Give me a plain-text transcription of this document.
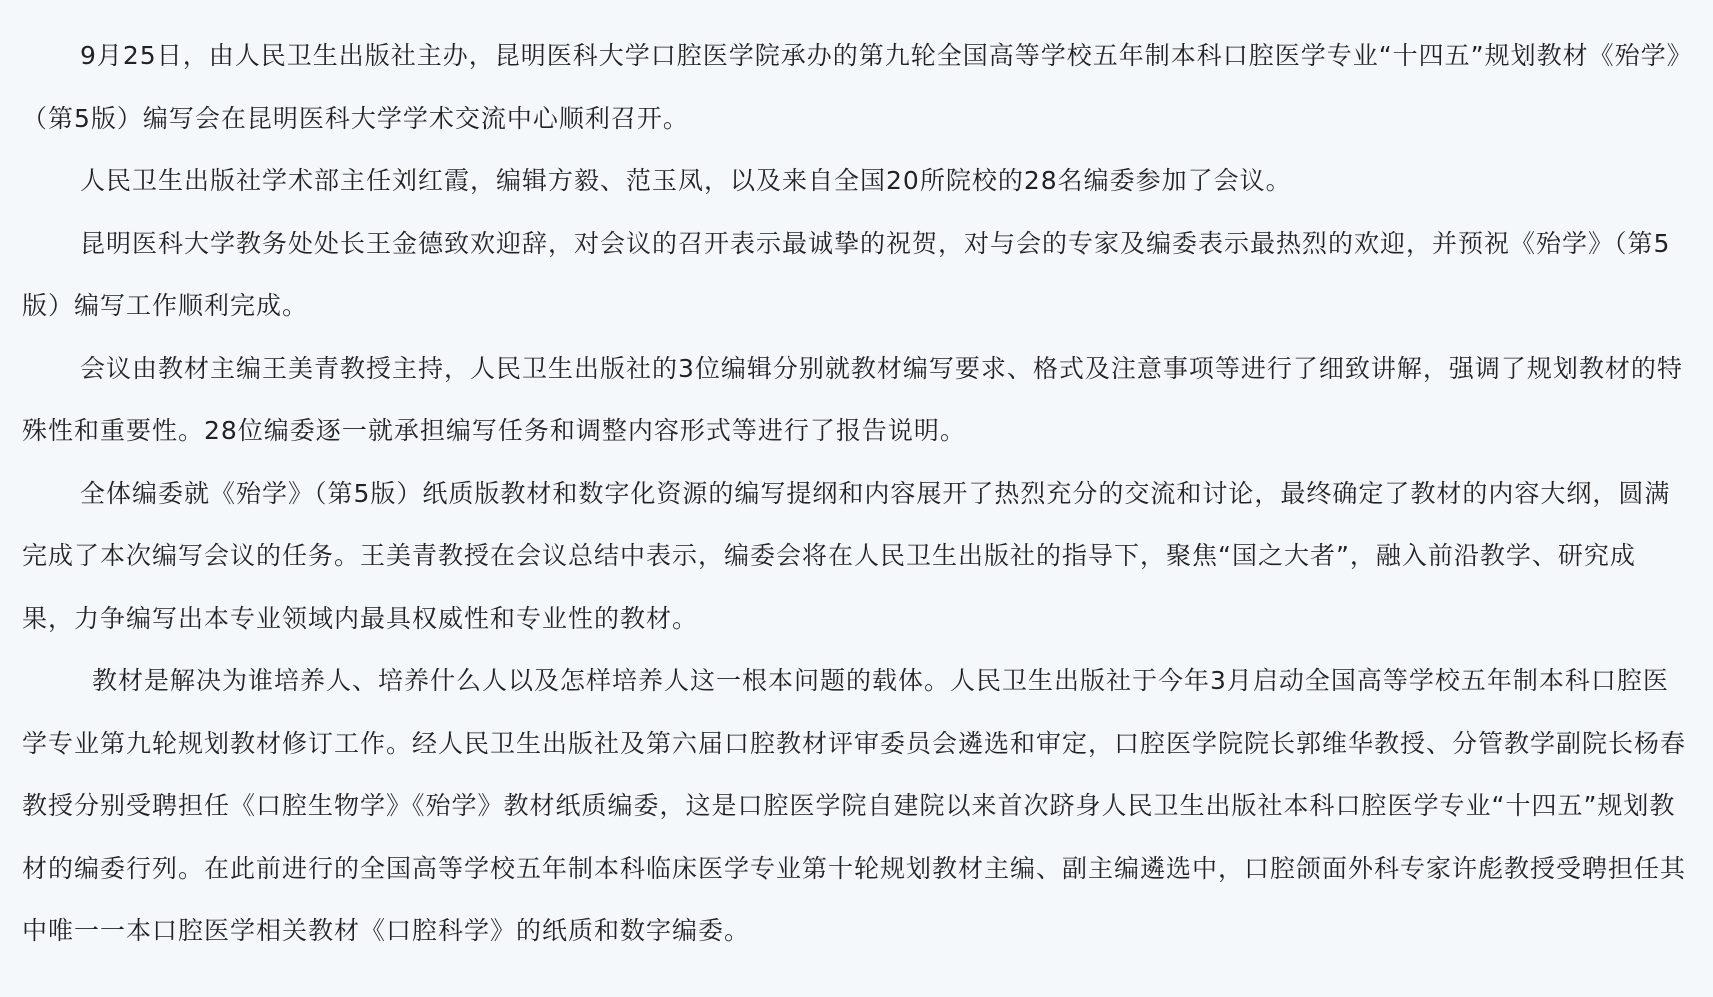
9月25日，由人民卫生出版社主办，昆明医科大学口腔医学院承办的第九轮全国高等学校五年制本科口腔医学专业“十四五”规划教材《殆学》（第5版）编写会在昆明医科大学学术交流中心顺利召开。

人民卫生出版社学术部主任刘红霞，编辑方毅、范玉凤，以及来自全国20所院校的28名编委参加了会议。

昆明医科大学教务处处长王金德致欢迎辞，对会议的召开表示最诚挚的祝贺，对与会的专家及编委表示最热烈的欢迎，并预祝《殆学》（第5版）编写工作顺利完成。

会议由教材主编王美青教授主持，人民卫生出版社的3位编辑分别就教材编写要求、格式及注意事项等进行了细致讲解，强调了规划教材的特殊性和重要性。28位编委逐一就承担编写任务和调整内容形式等进行了报告说明。

全体编委就《殆学》（第5版）纸质版教材和数字化资源的编写提纲和内容展开了热烈充分的交流和讨论，最终确定了教材的内容大纲，圆满完成了本次编写会议的任务。王美青教授在会议总结中表示，编委会将在人民卫生出版社的指导下，聚焦“国之大者”，融入前沿教学、研究成果，力争编写出本专业领域内最具权威性和专业性的教材。

教材是解决为谁培养人、培养什么人以及怎样培养人这一根本问题的载体。人民卫生出版社于今年3月启动全国高等学校五年制本科口腔医学专业第九轮规划教材修订工作。经人民卫生出版社及第六届口腔教材评审委员会遴选和审定，口腔医学院院长郭维华教授、分管教学副院长杨春教授分别受聘担任《口腔生物学》《殆学》教材纸质编委，这是口腔医学院自建院以来首次跻身人民卫生出版社本科口腔医学专业“十四五”规划教材的编委行列。在此前进行的全国高等学校五年制本科临床医学专业第十轮规划教材主编、副主编遴选中，口腔颌面外科专家许彪教授受聘担任其中唯一一本口腔医学相关教材《口腔科学》的纸质和数字编委。
